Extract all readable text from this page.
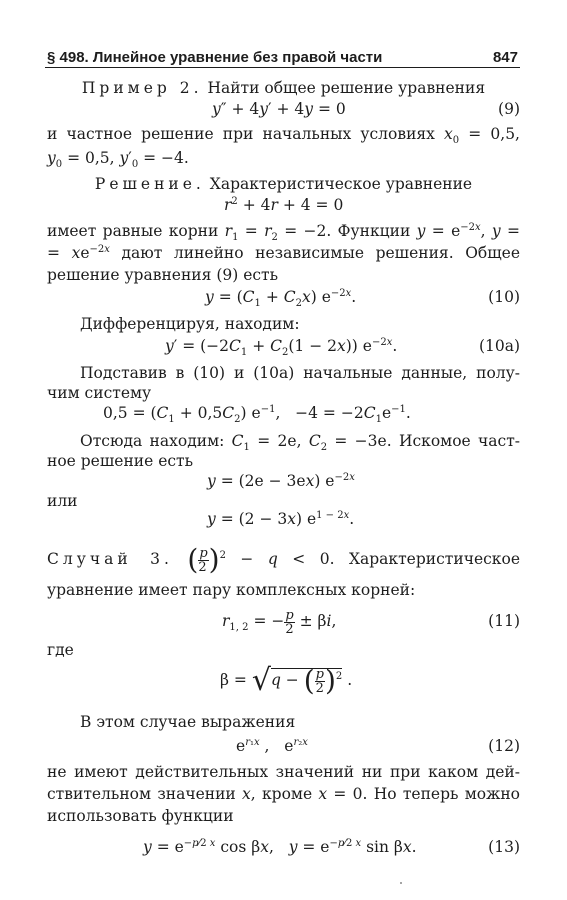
§ 498. Линейное уравнение без правой части	847
Пример 2. Найти общее решение уравнения
y″ + 4y′ + 4y = 0	(9)
и частное решение при начальных условиях $x_0 = 0,5$,
$y_0 = 0,5$, $y'_0 = -4$.
Решение. Характеристическое уравнение
$r^2 + 4r + 4 = 0$
имеет равные корни $r_1 = r_2 = -2$. Функции $y = e^{-2x}$, y =
= $xe^{-2x}$ дают линейно независимые решения. Общее
решение уравнения (9) есть
$y = (C_1 + C_2x)$ $e^{-2x}$.	(10)
Дифференцируя, находим:
$y' = (-2C_1 + C_2(1 - 2x))$ $e^{-2x}$.	(10a)
Подставив в (10) и (10a) начальные данные, полу-
чим систему
$0,5 = (C_1 + 0,5C_2)$ $e^{-1}$,   $-4 = -2C_1e^{-1}$.
Отсюда находим: $C_1 = 2e$, $C_2 = -3e$. Искомое част-
ное решение есть
y = (2e − 3ex) $e^{-2x}$
или
y = (2 − 3x) $e^{1 - 2x}$.
Случай 3. ( $\frac{p}{2} )^2 - q < 0$. Характеристическое
уравнение имеет пару комплексных корней:
$r_{1, 2}$ = − $\frac{p}{2} \pm \beta i$,	(11)
где
β = √q − ( $\frac{p}{2} )^2$ .
В этом случае выражения
$e^{r_1x}$ ,   $e^{r_2x}$	(12)
не имеют действительных значений ни при каком дей-
ствительном значении x, кроме x = 0. Но теперь можно
использовать функции
$y = e^{-p⁄2 x}$ cos βx,   $y = e^{-p⁄2 x}$ sin βx.	(13)
